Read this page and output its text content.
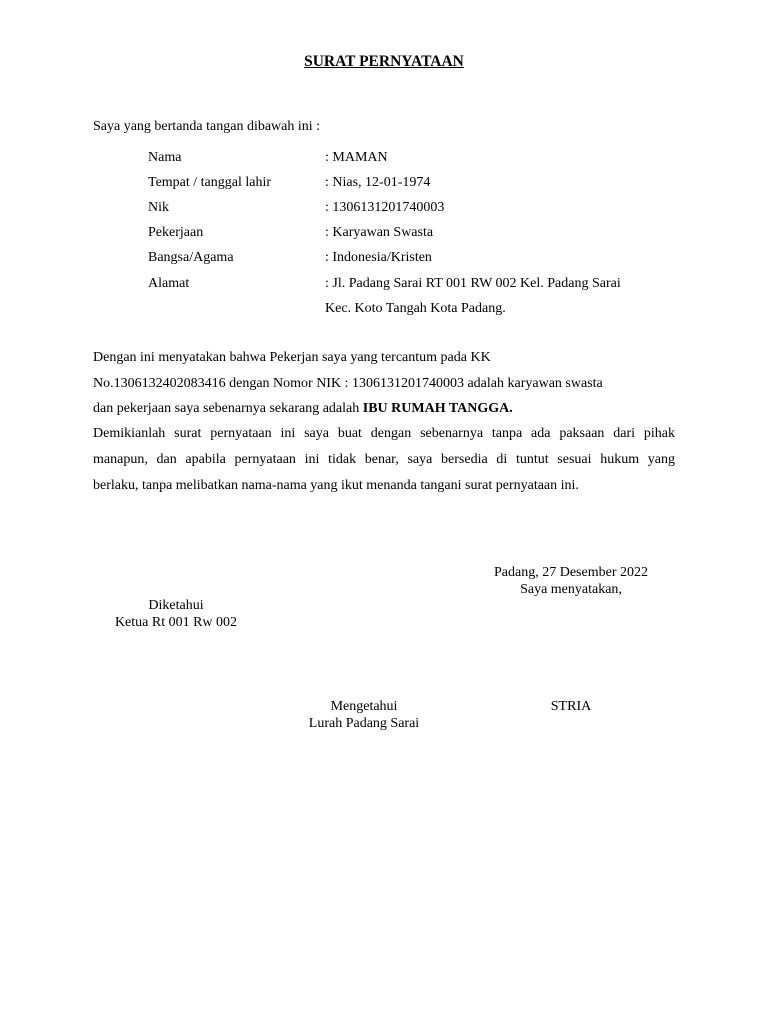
SURAT PERNYATAAN
Saya yang bertanda tangan dibawah ini :
Nama	: MAMAN
Tempat / tanggal lahir	: Nias, 12-01-1974
Nik	: 1306131201740003
Pekerjaan	: Karyawan Swasta
Bangsa/Agama	: Indonesia/Kristen
Alamat	: Jl. Padang Sarai RT 001 RW 002 Kel. Padang Sarai
Kec. Koto Tangah Kota Padang.
Dengan ini menyatakan bahwa Pekerjan saya yang tercantum pada KK
No.1306132402083416 dengan Nomor NIK : 1306131201740003 adalah karyawan swasta
dan pekerjaan saya sebenarnya sekarang adalah IBU RUMAH TANGGA.
Demikianlah surat pernyataan ini saya buat dengan sebenarnya tanpa ada paksaan dari pihak
manapun, dan apabila pernyataan ini tidak benar, saya bersedia di tuntut sesuai hukum yang
berlaku, tanpa melibatkan nama-nama yang ikut menanda tangani surat pernyataan ini.
Padang, 27 Desember 2022
Saya menyatakan,
Diketahui
Ketua Rt 001 Rw 002
Mengetahui
Lurah Padang Sarai
STRIA
